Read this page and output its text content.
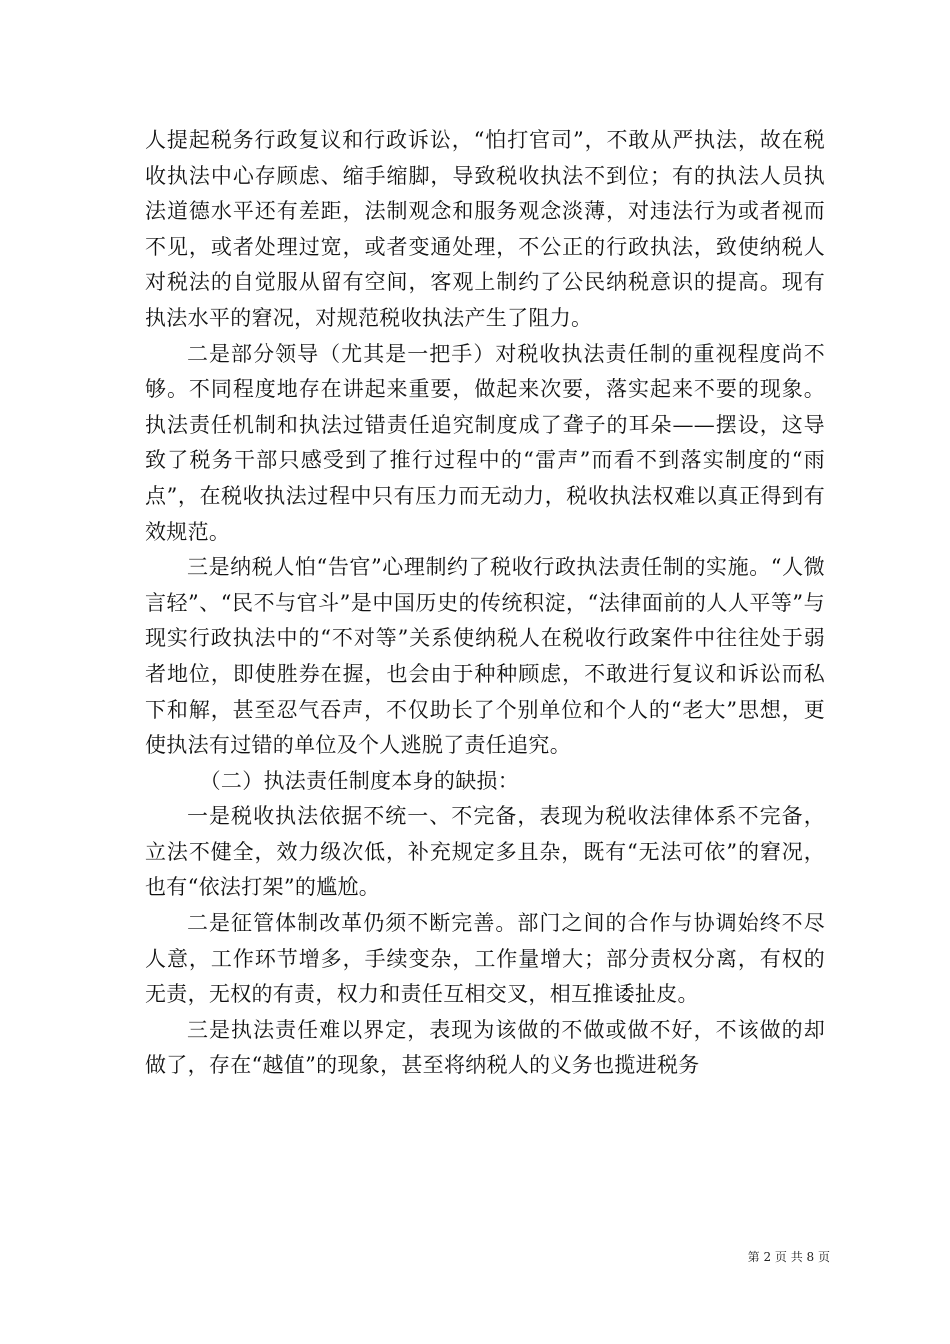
人提起税务行政复议和行政诉讼，“怕打官司”，不敢从严执法，故在税收执法中心存顾虑、缩手缩脚，导致税收执法不到位；有的执法人员执法道德水平还有差距，法制观念和服务观念淡薄，对违法行为或者视而不见，或者处理过宽，或者变通处理，不公正的行政执法，致使纳税人对税法的自觉服从留有空间，客观上制约了公民纳税意识的提高。现有执法水平的窘况，对规范税收执法产生了阻力。

二是部分领导（尤其是一把手）对税收执法责任制的重视程度尚不够。不同程度地存在讲起来重要，做起来次要，落实起来不要的现象。执法责任机制和执法过错责任追究制度成了聋子的耳朵——摆设，这导致了税务干部只感受到了推行过程中的“雷声”而看不到落实制度的“雨点”，在税收执法过程中只有压力而无动力，税收执法权难以真正得到有效规范。

三是纳税人怕“告官”心理制约了税收行政执法责任制的实施。“人微言轻”、“民不与官斗”是中国历史的传统积淀，“法律面前的人人平等”与现实行政执法中的“不对等”关系使纳税人在税收行政案件中往往处于弱者地位，即使胜券在握，也会由于种种顾虑，不敢进行复议和诉讼而私下和解，甚至忍气吞声，不仅助长了个别单位和个人的“老大”思想，更使执法有过错的单位及个人逃脱了责任追究。

（二）执法责任制度本身的缺损：

一是税收执法依据不统一、不完备，表现为税收法律体系不完备，立法不健全，效力级次低，补充规定多且杂，既有“无法可依”的窘况，也有“依法打架”的尴尬。

二是征管体制改革仍须不断完善。部门之间的合作与协调始终不尽人意，工作环节增多，手续变杂，工作量增大；部分责权分离，有权的无责，无权的有责，权力和责任互相交叉，相互推诿扯皮。

三是执法责任难以界定，表现为该做的不做或做不好，不该做的却做了，存在“越值”的现象，甚至将纳税人的义务也揽进税务

第 2 页 共 8 页
